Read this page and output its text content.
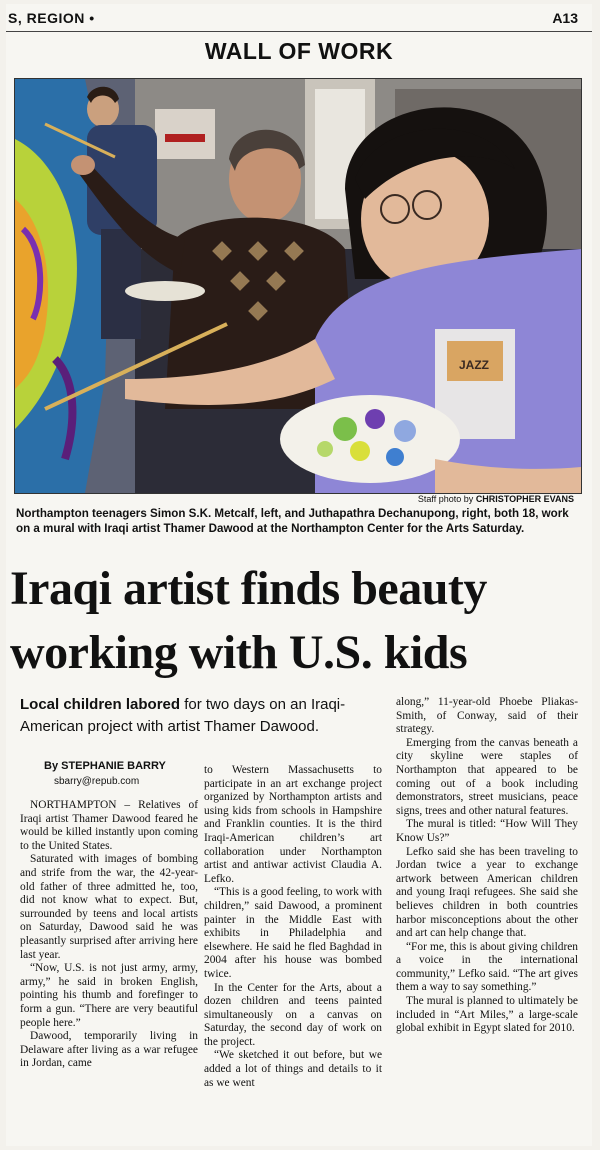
S, REGION •	A13
WALL OF WORK
JAZZ
Staff photo by CHRISTOPHER EVANS
Northampton teenagers Simon S.K. Metcalf, left, and Juthapathra Dechanupong, right, both 18, work on a mural with Iraqi artist Thamer Dawood at the Northampton Center for the Arts Saturday.
Iraqi artist finds beauty
working with U.S. kids
Local children labored for two days on an Iraqi-American project with artist Thamer Dawood.
By STEPHANIE BARRY
sbarry@repub.com

NORTHAMPTON – Relatives of Iraqi artist Thamer Dawood feared he would be killed instantly upon coming to the United States.

Saturated with images of bombing and strife from the war, the 42-year-old father of three admitted he, too, did not know what to expect. But, surrounded by teens and local artists on Saturday, Dawood said he was pleasantly surprised after arriving here last year.

“Now, U.S. is not just army, army, army,” he said in broken English, pointing his thumb and forefinger to form a gun. “There are very beautiful people here.”

Dawood, temporarily living in Delaware after living as a war refugee in Jordan, came

to Western Massachusetts to participate in an art exchange project organized by Northampton artists and using kids from schools in Hampshire and Franklin counties. It is the third Iraqi-American children’s art collaboration under Northampton artist and antiwar activist Claudia A. Lefko.

“This is a good feeling, to work with children,” said Dawood, a prominent painter in the Middle East with exhibits in Philadelphia and elsewhere. He said he fled Baghdad in 2004 after his house was bombed twice.

In the Center for the Arts, about a dozen children and teens painted simultaneously on a canvas on Saturday, the second day of work on the project.

“We sketched it out before, but we added a lot of things and details to it as we went

along,” 11-year-old Phoebe Pliakas-Smith, of Conway, said of their strategy.

Emerging from the canvas beneath a city skyline were staples of Northampton that appeared to be coming out of a book including demonstrators, street musicians, peace signs, trees and other natural features.

The mural is titled: “How Will They Know Us?”

Lefko said she has been traveling to Jordan twice a year to exchange artwork between American children and young Iraqi refugees. She said she believes children in both countries harbor misconceptions about the other and art can help change that.

“For me, this is about giving children a voice in the international community,” Lefko said. “The art gives them a way to say something.”

The mural is planned to ultimately be included in “Art Miles,” a large-scale global exhibit in Egypt slated for 2010.
